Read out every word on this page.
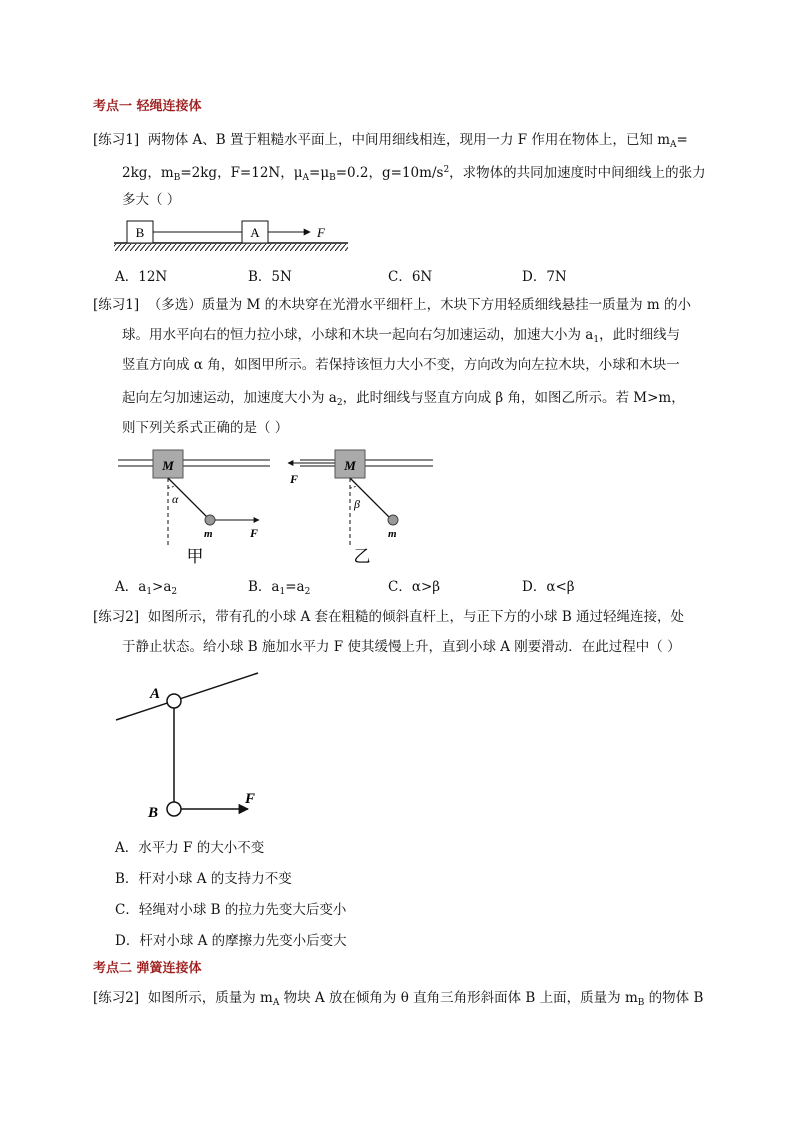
考点一 轻绳连接体
[练习1] 两物体 A、B 置于粗糙水平面上，中间用细线相连，现用一力 F 作用在物体上，已知 $m_A=$
2kg，$m_B=2kg$，F=12N，$\mu_A=\mu_B=0.2$，$g=10m/s^2$，求物体的共同加速度时中间细线上的张力
多大（ ）
B	A	F
A．12N	B．5N	C．6N	D．7N
[练习1] （多选）质量为 M 的木块穿在光滑水平细杆上，木块下方用轻质细线悬挂一质量为 m 的小
球。用水平向右的恒力拉小球，小球和木块一起向右匀加速运动，加速大小为 $a_1$，此时细线与
竖直方向成 α 角，如图甲所示。若保持该恒力大小不变，方向改为向左拉木块，小球和木块一
起向左匀加速运动，加速度大小为 $a_2$，此时细线与竖直方向成 β 角，如图乙所示。若 M>m，
则下列关系式正确的是（ ）
M
α
m	F
甲
F
M
β
m
乙
A．$a_1>a_2$	B．$a_1=a_2$	C．α>β	D．α<β
[练习2] 如图所示，带有孔的小球 A 套在粗糙的倾斜直杆上，与正下方的小球 B 通过轻绳连接，处
于静止状态。给小球 B 施加水平力 F 使其缓慢上升，直到小球 A 刚要滑动．在此过程中（ ）
A
B
F
A．水平力 F 的大小不变
B．杆对小球 A 的支持力不变
C．轻绳对小球 B 的拉力先变大后变小
D．杆对小球 A 的摩擦力先变小后变大
考点二 弹簧连接体
[练习2] 如图所示，质量为 $m_A$ 物块 A 放在倾角为 θ 直角三角形斜面体 B 上面，质量为 $m_B$ 的物体 B
